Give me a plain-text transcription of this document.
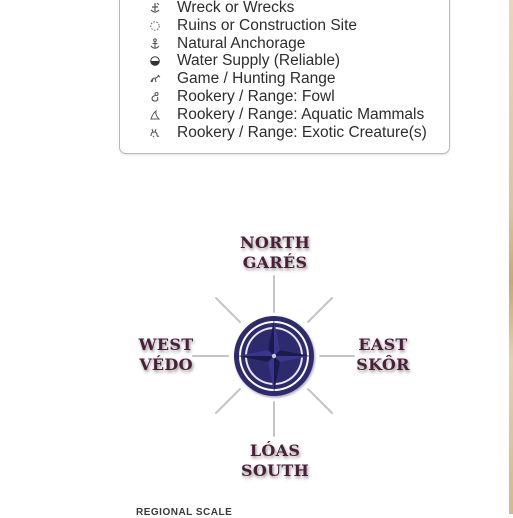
Wreck or Wrecks
Ruins or Construction Site
Natural Anchorage
Water Supply (Reliable)
Game / Hunting Range
Rookery / Range: Fowl
Rookery / Range: Aquatic Mammals
Rookery / Range: Exotic Creature(s)
NORTH
GARÉS
WEST
VÉDO
EAST
SKÔR
LÓAS
SOUTH
REGIONAL SCALE
